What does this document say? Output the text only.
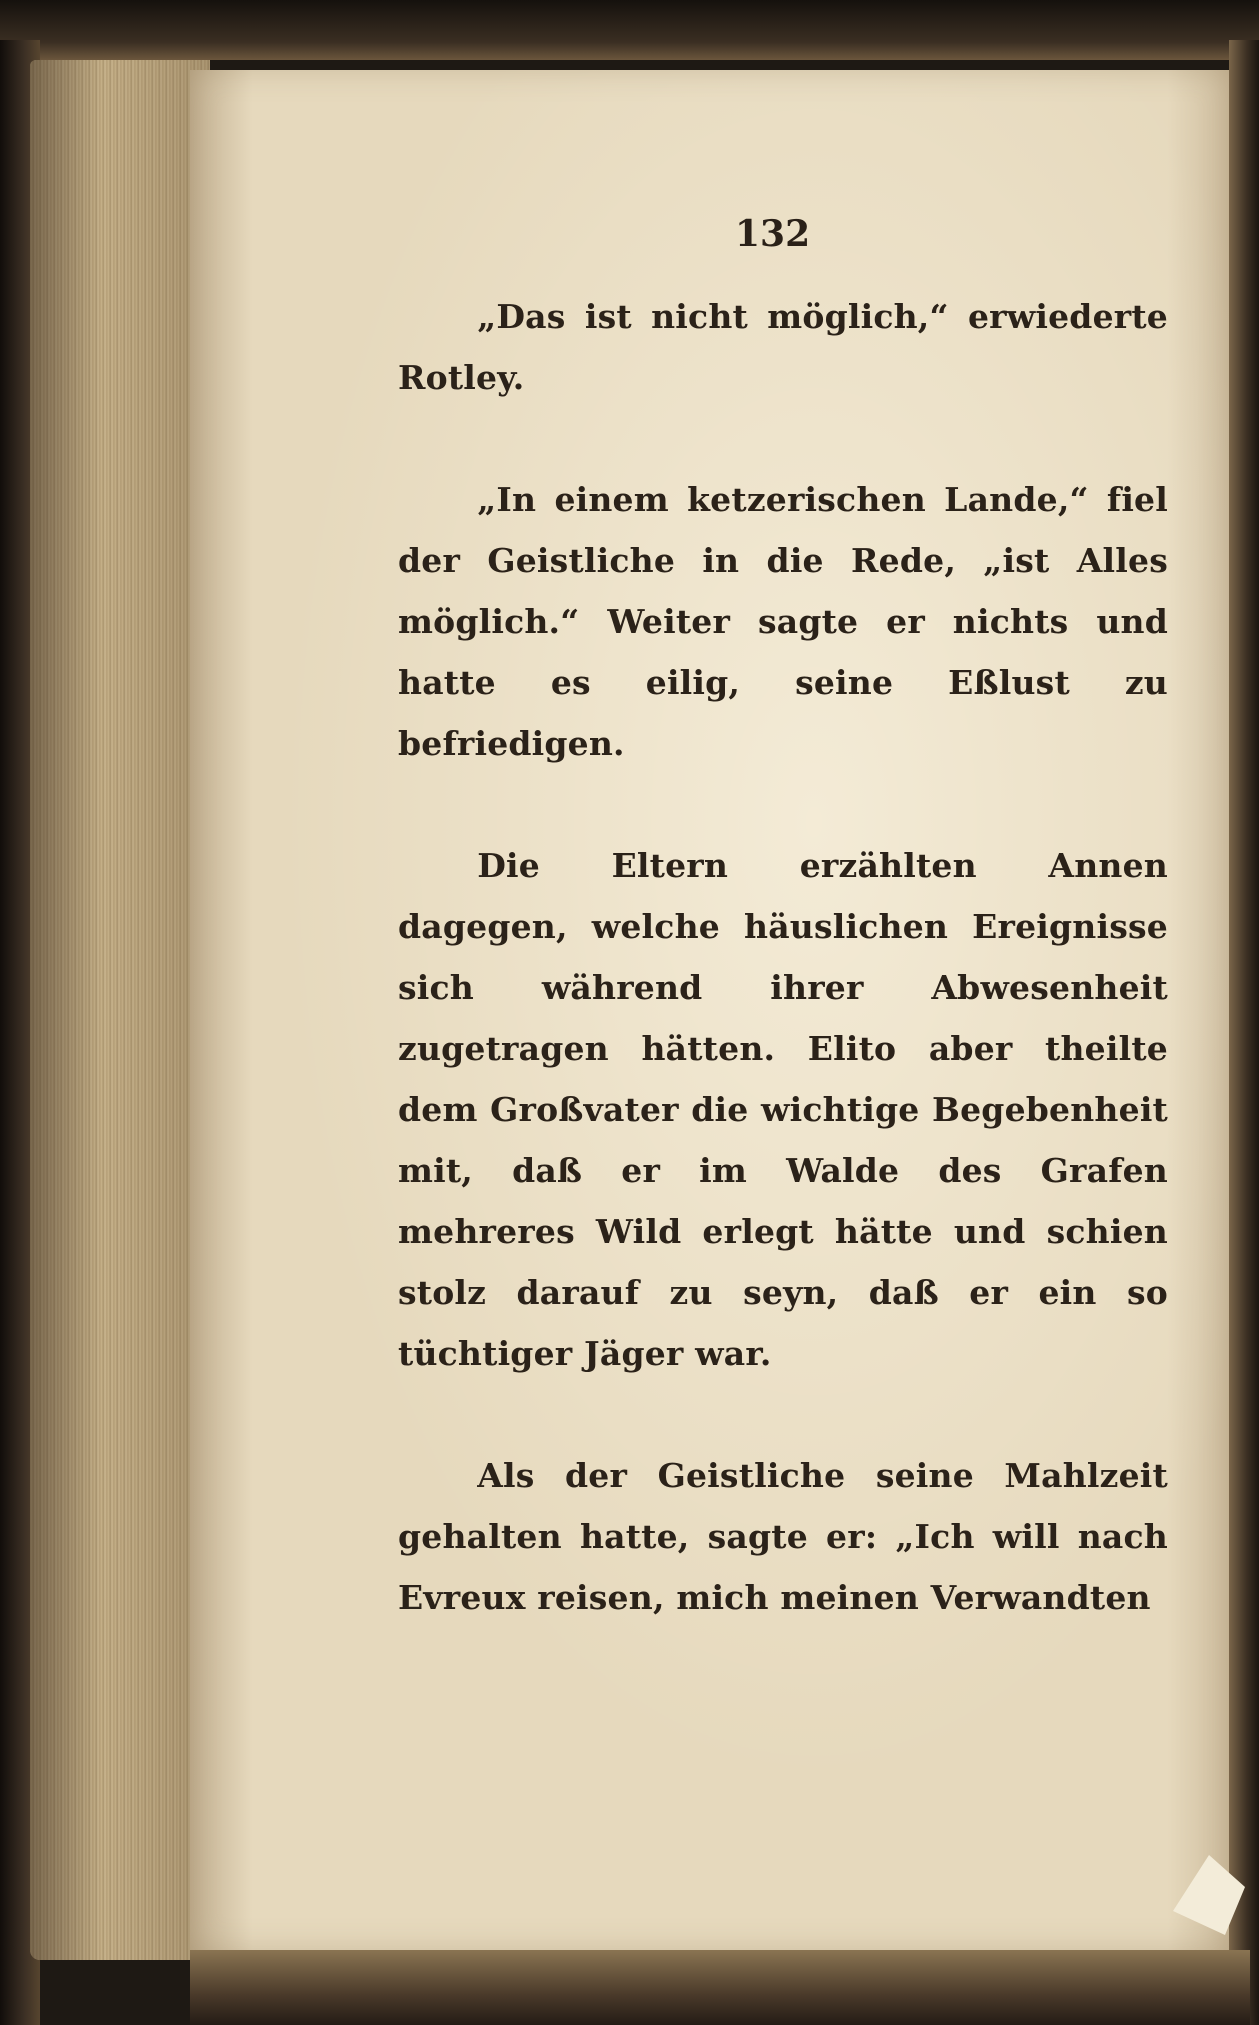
132

„Das ist nicht möglich,“ erwiederte Rotley.

„In einem ketzerischen Lande,“ fiel der Geistliche in die Rede, „ist Alles möglich.“ Weiter sagte er nichts und hatte es eilig, seine Eßlust zu befriedigen.

Die Eltern erzählten Annen dagegen, welche häuslichen Ereignisse sich während ihrer Abwesenheit zugetragen hätten. Elito aber theilte dem Großvater die wichtige Begebenheit mit, daß er im Walde des Grafen mehreres Wild erlegt hätte und schien stolz darauf zu seyn, daß er ein so tüchtiger Jäger war.

Als der Geistliche seine Mahlzeit gehalten hatte, sagte er: „Ich will nach Evreux reisen, mich meinen Verwandten
